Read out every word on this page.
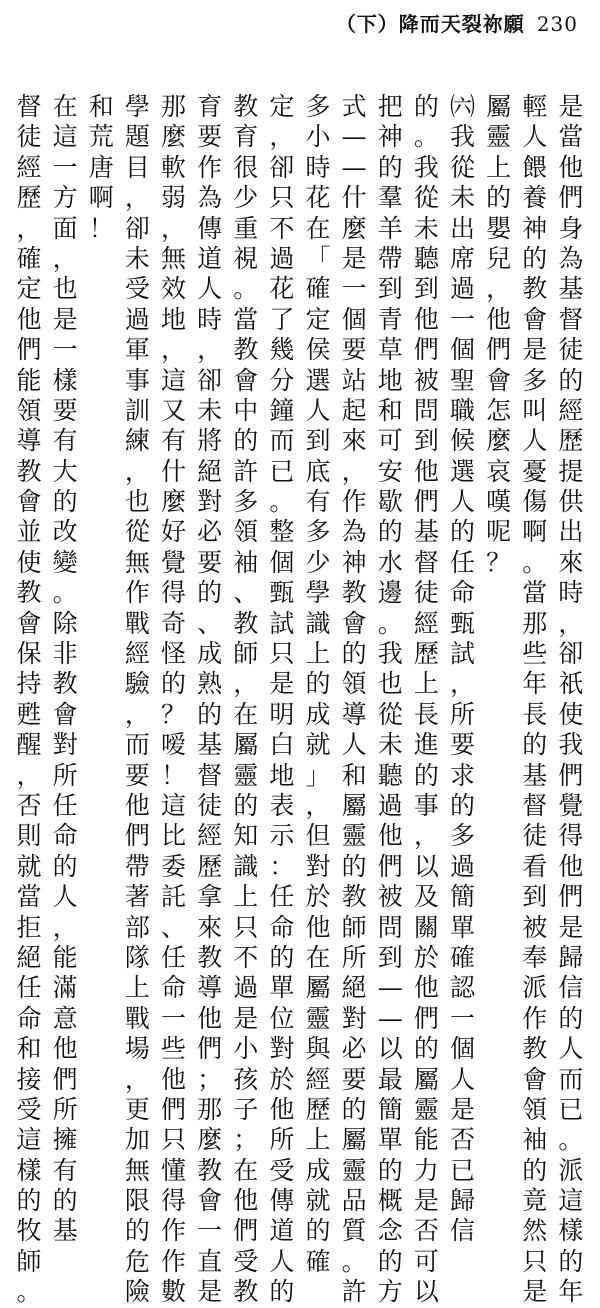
（下）降而天裂祢願 230
是
當
他
們
身
為
基
督
徒
的
經
歷
提
供
出
來
時
，
卻
祇
使
我
們
覺
得
他
們
是
歸
信
的
人
而
已
。
派
這
樣
的
年
輕
人
餵
養
神
的
教
會
是
多
叫
人
憂
傷
啊
。
當
那
些
年
長
的
基
督
徒
看
到
被
奉
派
作
教
會
領
袖
的
竟
然
只
是
屬
靈
上
的
嬰
兒
，
他
們
會
怎
麼
哀
嘆
呢
？
㈥
我
從
未
出
席
過
一
個
聖
職
候
選
人
的
任
命
甄
試
，
所
要
求
的
多
過
簡
單
確
認
一
個
人
是
否
已
歸
信
的
。
我
從
未
聽
到
他
們
被
問
到
他
們
基
督
徒
經
歷
上
長
進
的
事
，
以
及
關
於
他
們
的
屬
靈
能
力
是
否
可
以
把
神
的
羣
羊
帶
到
青
草
地
和
可
安
歇
的
水
邊
。
我
也
從
未
聽
過
他
們
被
問
到
—
—
以
最
簡
單
的
概
念
的
方
式
—
—
什
麼
是
一
個
要
站
起
來
，
作
為
神
教
會
的
領
導
人
和
屬
靈
的
教
師
所
絕
對
必
要
的
屬
靈
品
質
。
許
多
小
時
花
在
「
確
定
侯
選
人
到
底
有
多
少
學
識
上
的
成
就
」
，
但
對
於
他
在
屬
靈
與
經
歷
上
成
就
的
確
定
，
卻
只
不
過
花
了
幾
分
鐘
而
已
。
整
個
甄
試
只
是
明
白
地
表
示
：
任
命
的
單
位
對
於
他
所
受
傳
道
人
的
教
育
很
少
重
視
。
當
教
會
中
的
許
多
領
袖
、
教
師
，
在
屬
靈
的
知
識
上
只
不
過
是
小
孩
子
；
在
他
們
受
教
育
要
作
為
傳
道
人
時
，
卻
未
將
絕
對
必
要
的
、
成
熟
的
基
督
徒
經
歷
拿
來
教
導
他
們
；
那
麼
教
會
一
直
是
那
麼
軟
弱
，
無
效
地
，
這
又
有
什
麼
好
覺
得
奇
怪
的
？
嗳
！
這
比
委
託
、
任
命
一
些
他
們
只
懂
得
作
作
數
學
題
目
，
卻
未
受
過
軍
事
訓
練
，
也
從
無
作
戰
經
驗
，
而
要
他
們
帶
著
部
隊
上
戰
場
，
更
加
無
限
的
危
險
和
荒
唐
啊
！
在
這
一
方
面
，
也
是
一
樣
要
有
大
的
改
變
。
除
非
教
會
對
所
任
命
的
人
，
能
滿
意
他
們
所
擁
有
的
基
督
徒
經
歷
，
確
定
他
們
能
領
導
教
會
並
使
教
會
保
持
甦
醒
，
否
則
就
當
拒
絕
任
命
和
接
受
這
樣
的
牧
師
。
